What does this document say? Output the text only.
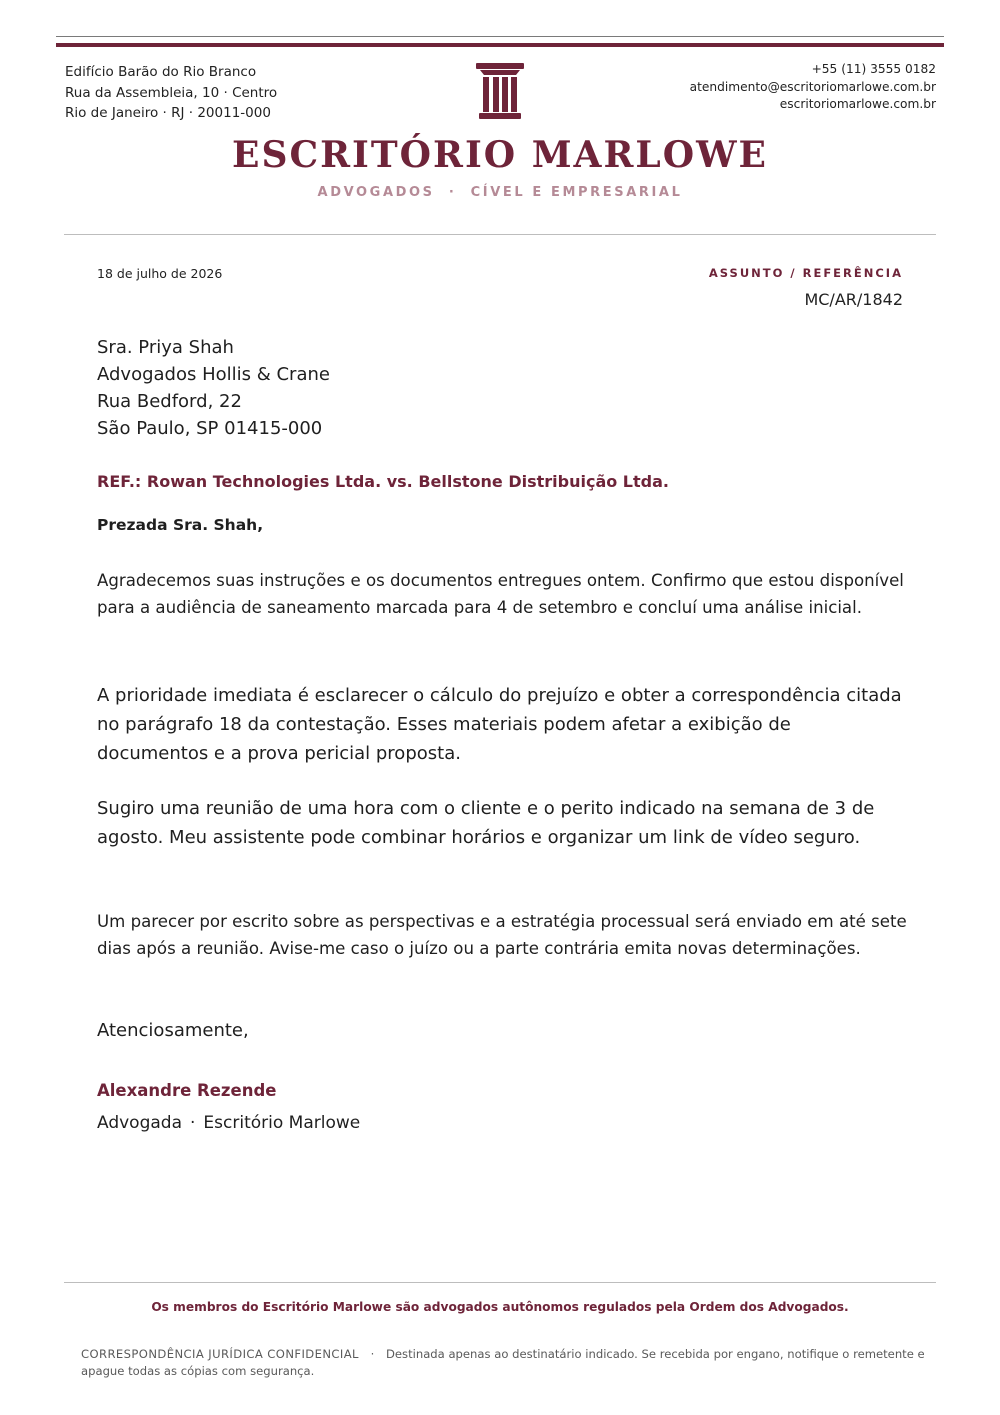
Edifício Barão do Rio Branco
Rua da Assembleia, 10 · Centro
Rio de Janeiro · RJ · 20011-000
+55 (11) 3555 0182
atendimento@escritoriomarlowe.com.br
escritoriomarlowe.com.br
ESCRITÓRIO MARLOWE
ADVOGADOS  ·  CÍVEL E EMPRESARIAL
18 de julho de 2026	ASSUNTO / REFERÊNCIA
MC/AR/1842
Sra. Priya Shah
Advogados Hollis & Crane
Rua Bedford, 22
São Paulo, SP 01415-000
REF.: Rowan Technologies Ltda. vs. Bellstone Distribuição Ltda.
Prezada Sra. Shah,

Agradecemos suas instruções e os documentos entregues ontem. Confirmo que estou disponível para a audiência de saneamento marcada para 4 de setembro e concluí uma análise inicial.

A prioridade imediata é esclarecer o cálculo do prejuízo e obter a correspondência citada no parágrafo 18 da contestação. Esses materiais podem afetar a exibição de documentos e a prova pericial proposta.

Sugiro uma reunião de uma hora com o cliente e o perito indicado na semana de 3 de agosto. Meu assistente pode combinar horários e organizar um link de vídeo seguro.

Um parecer por escrito sobre as perspectivas e a estratégia processual será enviado em até sete dias após a reunião. Avise-me caso o juízo ou a parte contrária emita novas determinações.

Atenciosamente,
Alexandre Rezende
Advogada · Escritório Marlowe
Os membros do Escritório Marlowe são advogados autônomos regulados pela Ordem dos Advogados.
CORRESPONDÊNCIA JURÍDICA CONFIDENCIAL · Destinada apenas ao destinatário indicado. Se recebida por engano, notifique o remetente e apague todas as cópias com segurança.
